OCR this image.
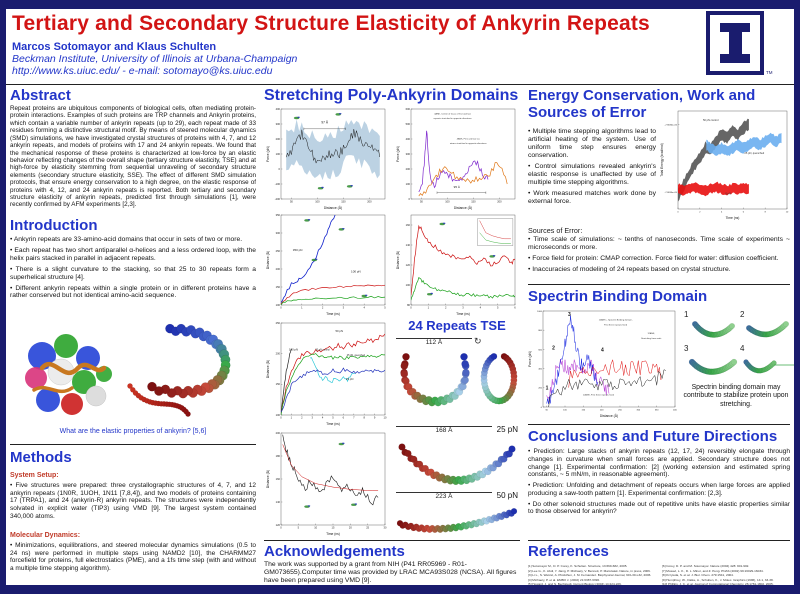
Tertiary and Secondary Structure Elasticity of Ankyrin Repeats
Marcos Sotomayor and Klaus Schulten
Beckman Institute, University of Illinois at Urbana-Champaign
http://www.ks.uiuc.edu/ - e-mail: sotomayo@ks.uiuc.edu	TM
Abstract
Repeat proteins are ubiquitous components of biological cells, often mediating protein-protein interactions. Examples of such proteins are TRP channels and Ankyrin proteins, which contain a variable number of ankyrin repeats (up to 29), each repeat made of 33 residues forming a distinctive structural motif. By means of steered molecular dynamics (SMD) simulations, we have investigated crystal structures of proteins with 4, 7, and 12 ankyrin repeats, and models of proteins with 17 and 24 ankyrin repeats. We found that the mechanical response of these proteins is characterized at low-force by an elastic behavior reflecting changes of the overall shape (tertiary structure elasticity, TSE) and at high-force by elasticity stemming from sequential unraveling of secondary structure elements (secondary structure elasticity, SSE). The effect of different SMD simulation protocols, that ensure energy conservation to a high degree, on the elastic response of proteins with 4, 12, and 24 ankyrin repeats is reported. Both tertiary and secondary structure elasticity of ankyrin repeats, predicted first through simulations [1], were recently confirmed by AFM experiments [2,3].
Introduction

• Ankyrin repeats are 33-amino-acid domains that occur in sets of two or more.

• Each repeat has two short antiparallel α-helices and a less ordered loop, with the helix pairs stacked in parallel in adjacent repeats.

• There is a slight curvature to the stacking, so that 25 to 30 repeats form a superhelical structure [4].

• Different ankyrin repeats within a single protein or in different proteins have a rather conserved but not identical amino-acid sequence.

What are the elastic properties of ankyrin? [5,6]
Methods
System Setup:
• Five structures were prepared: three crystallographic structures of 4, 7, and 12 ankyrin repeats (1N0R, 1UOH, 1N11 [7,8,4]), and two models of proteins containing 17 (TRPA1), and 24 (ankyrin-R) ankyrin repeats. The structures were independently solvated in explicit water (TIP3) using VMD [9]. The largest system contained 340,000 atoms.
Molecular Dynamics:
• Minimizations, equilibrations, and steered molecular dynamics simulations (0.5 to 24 ns) were performed in multiple steps using NAMD2 [10], the CHARMM27 forcefield for proteins, full electrostatics (PME), and a 1fs time step (with and without a multiple time stepping algorithm).
Stretching Poly-Ankyrin Domains
50	100	150	200
-200
-100
0
100
200
300
400
Distance (Å)
Force (pN)
97 Å
50	100	150	200
0
100
200
300
400
500
600
Distance (Å)
Force (pN)
4ANK, Center of mass of first and last
repeats stretched in opposite directions
4ANK, First and last Cα
atoms stretched in opposite directions
95 Å
0	1	2	3	4	5
100
150
200
250
300
350
Time (ns)
Distance (Å)
350 pN
100 pN
0	1	2	3	4	5	6
80
100
120
140
160
Time (ns)
Distance (Å)
0	1	2	3	4	5	6	7	8	9	10
100
150
200
250
Time (ns)
Distance (Å)
100 pN
50 pN
50 pN control
25 pN, quenched
25 pN
24 Repeats TSE
112 Å	↻
0	5	10	15	20	25	30
120
140
160
180
200
Time (ns)
Distance (Å)
168 Å	25 pN
223 Å	50 pN
Acknowledgements
The work was supported by a grant from NIH (P41 RR05969 - R01-GM073655).Computer time was provided by LRAC MCA93S028 (NCSA). All figures have been prepared using VMD [9].
Energy Conservation, Work and
Sources of Error

• Multiple time stepping algorithms lead to artificial heating of the system. Use of uniform time step ensures energy conservation.

• Control simulations revealed ankyrin's elastic response is unaffected by use of multiple time stepping algorithms.

• Work measured matches work done by external force.

0	2	4	6	8	10
-7.8035e+05
-7.8030e+05
Time (ns)
Total Energy (kcal/mol)
50 pN control
25 pN, quenched
0 pN
Sources of Error:

• Time scale of simulations: ~ tenths of nanoseconds. Time scale of experiments ~ microseconds or more.

• Force field for protein: CMAP correction. Force field for water: diffusion coefficient.

• Inaccuracies of modeling of 24 repeats based on crystal structure.

Spectrin Binding Domain
50	100	150	200	250	300	350	400
0
200
400
600
800
1000
Distance (Å)
Force (pN)
1
2
3
4
12ANK + Spectrin Binding domain,
First three repeats fixed
12ANK,
Stretching from ends
12ANK, First three repeats fixed
1	2
3	4
Spectrin binding domain may contribute to stabilize protein upon stretching.
Conclusions and Future Directions

• Prediction: Large stacks of ankyrin repeats (12, 17, 24) reversibly elongate through changes in curvature when small forces are applied. Secondary structure does not change [1]. Experimental confirmation: [2] (working extension and estimated spring constants, ~ 5 mN/m, in reasonable agreement).

• Prediction: Unfolding and detachment of repeats occurs when large forces are applied producing a saw-tooth pattern [1]. Experimental confirmation: [2,3].

• Do other solenoid structures made out of repetitive units have elastic properties similar to those observed for ankyrin?

References
[1] Sotomayor M., D. P. Corey, K. Schulten. Structure, 13:669-682, 2005.
[2] Lee G., K. Abdi, Y. Jiang, P. Michaely, V. Bennett, P. Marszalek. Nature, in press, 2006.
[3] Li L., S. Wetzel, A. Plückthun, J. M. Fernandez. Biophysical Journal, 90:L30-L32, 2006.
[4] Michaely, P. et al. EMBO J. (2002) 21:6387-6396.
[5] Howard, J. and S. Bechstedt. Current Biology (2004) 14:224-226.
[6] Corey, D. P. and M. Sotomayor. Nature (2004) 428: 901-902.
[7] Mosavi, L. K., D. L. Minor, and Z. Peng. PNAS (2002) 99:16029-16034.
[8] Krzywda, S. et al. J. Biol. Chem. 279:1541, 2004.
[9] Humphrey, W., Dalke, A., Schulten, K., J. Molec. Graphics (1996), 14.1, 33-38.
[10] Phillips, J. C. et al. Journal of Computational Chemistry, 26:1781-1802, 2005.
